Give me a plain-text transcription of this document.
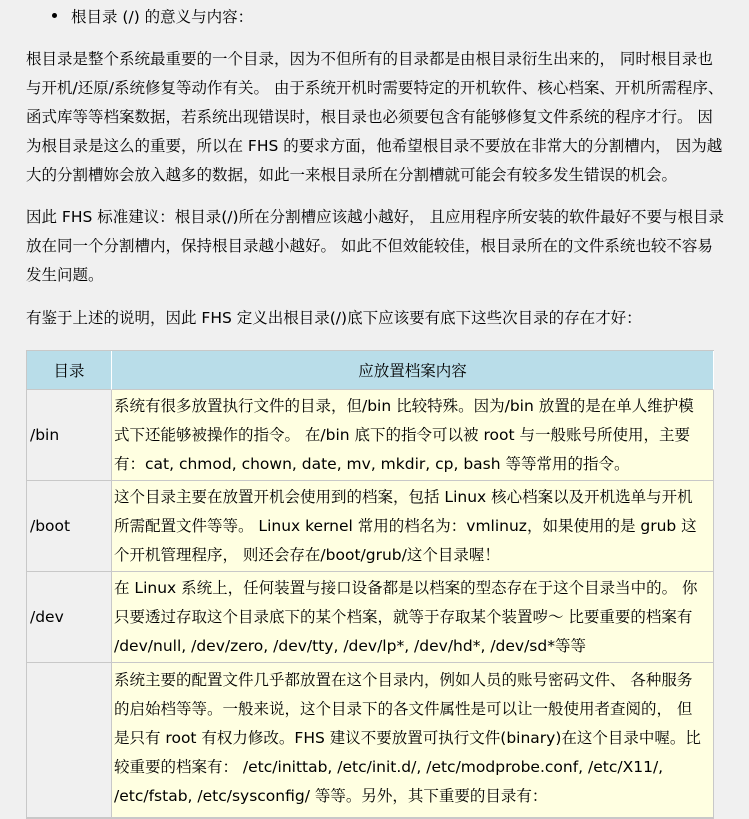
根目录 (/) 的意义与内容：

根目录是整个系统最重要的一个目录，因为不但所有的目录都是由根目录衍生出来的， 同时根目录也
与开机/还原/系统修复等动作有关。 由于系统开机时需要特定的开机软件、核心档案、开机所需程序、
函式库等等档案数据，若系统出现错误时，根目录也必须要包含有能够修复文件系统的程序才行。 因
为根目录是这么的重要，所以在 FHS 的要求方面，他希望根目录不要放在非常大的分割槽内， 因为越
大的分割槽妳会放入越多的数据，如此一来根目录所在分割槽就可能会有较多发生错误的机会。

因此 FHS 标准建议：根目录(/)所在分割槽应该越小越好， 且应用程序所安装的软件最好不要与根目录
放在同一个分割槽内，保持根目录越小越好。 如此不但效能较佳，根目录所在的文件系统也较不容易
发生问题。

有鉴于上述的说明，因此 FHS 定义出根目录(/)底下应该要有底下这些次目录的存在才好：

目录	应放置档案内容
/bin	系统有很多放置执行文件的目录，但/bin 比较特殊。因为/bin 放置的是在单人维护模
式下还能够被操作的指令。 在/bin 底下的指令可以被 root 与一般账号所使用，主要
有：cat, chmod, chown, date, mv, mkdir, cp, bash 等等常用的指令。

/boot	这个目录主要在放置开机会使用到的档案，包括 Linux 核心档案以及开机选单与开机
所需配置文件等等。 Linux kernel 常用的档名为：vmlinuz，如果使用的是 grub 这
个开机管理程序， 则还会存在/boot/grub/这个目录喔！

/dev	在 Linux 系统上，任何装置与接口设备都是以档案的型态存在于这个目录当中的。 你
只要透过存取这个目录底下的某个档案，就等于存取某个装置哕～ 比要重要的档案有
/dev/null, /dev/zero, /dev/tty, /dev/lp*, /dev/hd*, /dev/sd*等等

	系统主要的配置文件几乎都放置在这个目录内，例如人员的账号密码文件、 各种服务
的启始档等等。一般来说，这个目录下的各文件属性是可以让一般使用者查阅的， 但
是只有 root 有权力修改。FHS 建议不要放置可执行文件(binary)在这个目录中喔。比
较重要的档案有： /etc/inittab, /etc/init.d/, /etc/modprobe.conf, /etc/X11/,
/etc/fstab, /etc/sysconfig/ 等等。另外，其下重要的目录有：
